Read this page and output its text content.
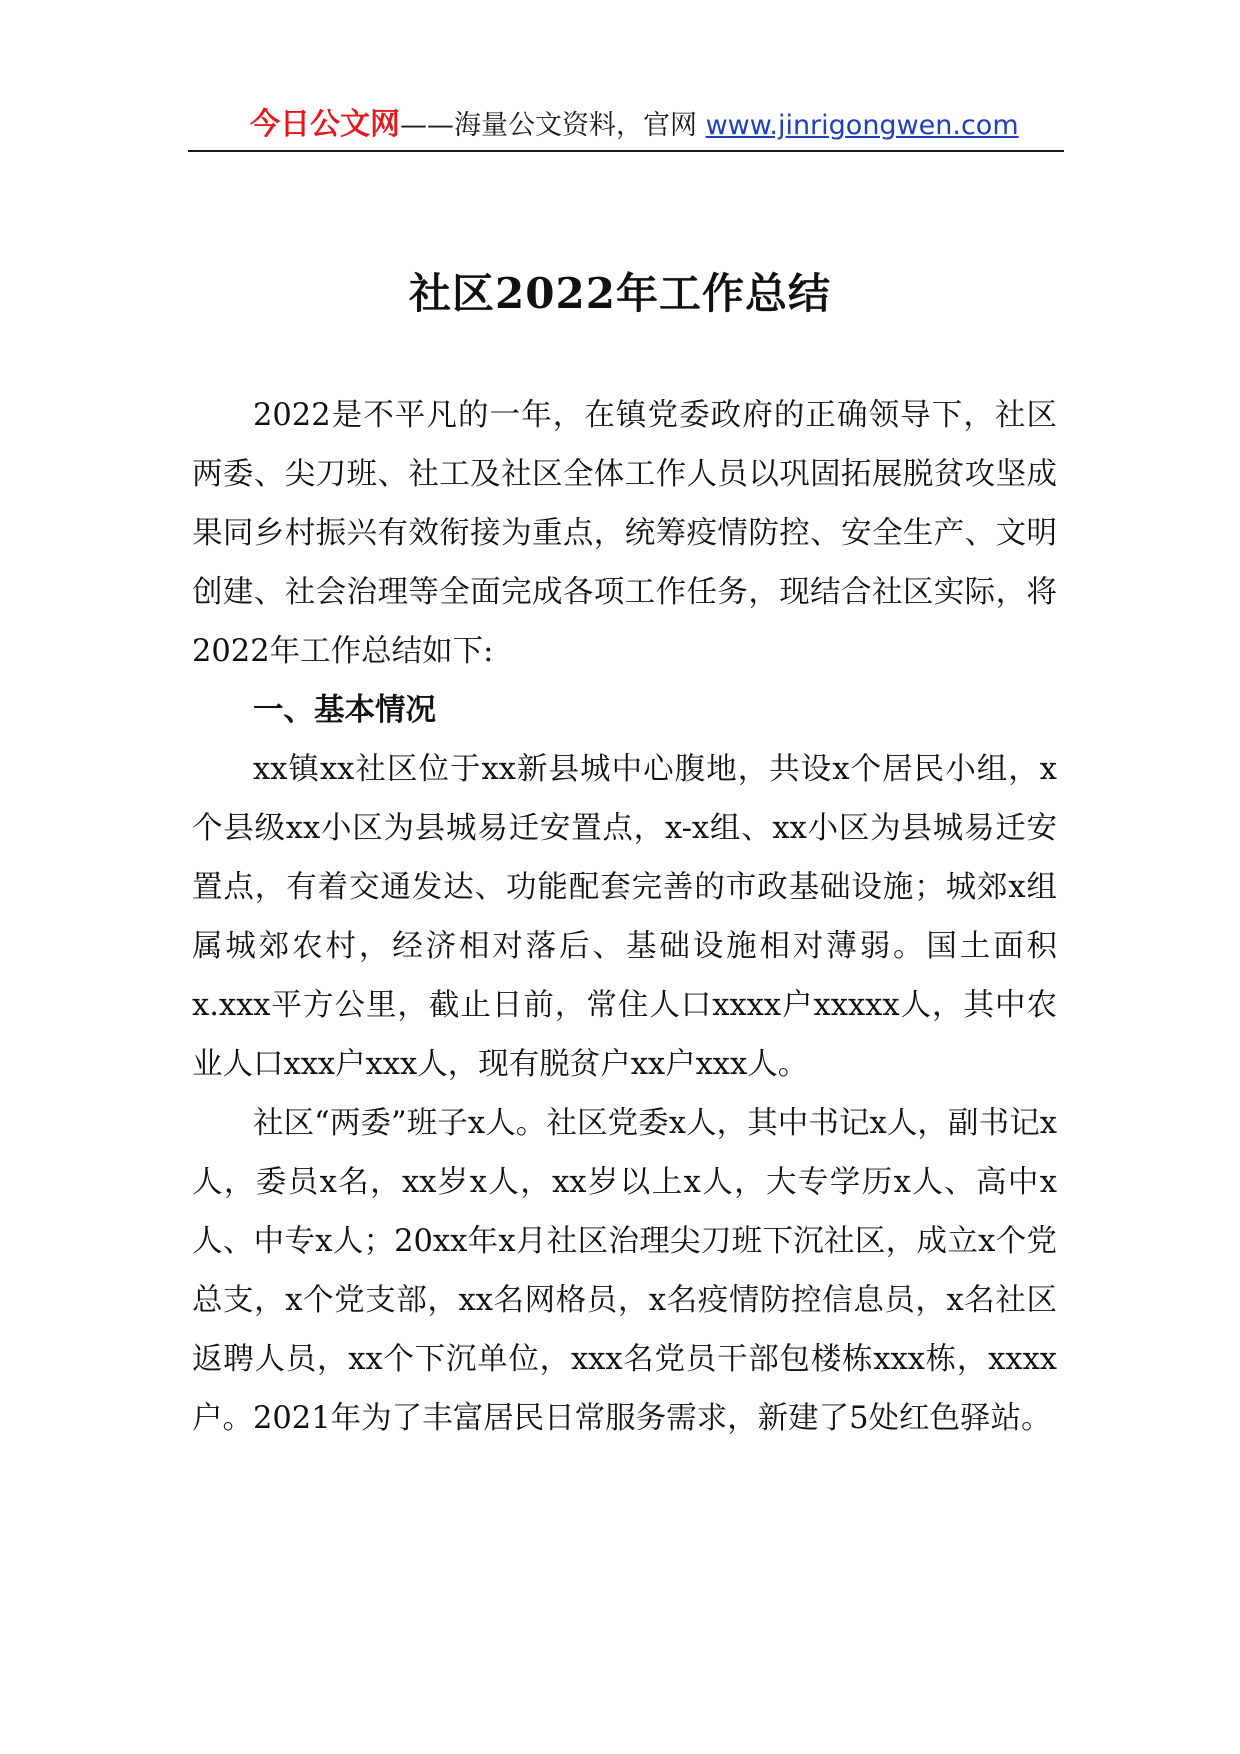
今日公文网——海量公文资料，官网 www.jinrigongwen.com
社区2022年工作总结

2022是不平凡的一年，在镇党委政府的正确领导下，社区两委、尖刀班、社工及社区全体工作人员以巩固拓展脱贫攻坚成果同乡村振兴有效衔接为重点，统筹疫情防控、安全生产、文明创建、社会治理等全面完成各项工作任务，现结合社区实际，将2022年工作总结如下:

一、基本情况

xx镇xx社区位于xx新县城中心腹地，共设x个居民小组，x个县级xx小区为县城易迁安置点，x-x组、xx小区为县城易迁安置点，有着交通发达、功能配套完善的市政基础设施；城郊x组属城郊农村，经济相对落后、基础设施相对薄弱。国土面积x.xxx平方公里，截止日前，常住人口xxxx户xxxxx人，其中农业人口xxx户xxx人，现有脱贫户xx户xxx人。

社区“两委”班子x人。社区党委x人，其中书记x人，副书记x人，委员x名，xx岁x人，xx岁以上x人，大专学历x人、高中x人、中专x人；20xx年x月社区治理尖刀班下沉社区，成立x个党总支，x个党支部，xx名网格员，x名疫情防控信息员，x名社区返聘人员，xx个下沉单位，xxx名党员干部包楼栋xxx栋，xxxx户。2021年为了丰富居民日常服务需求，新建了5处红色驿站。
